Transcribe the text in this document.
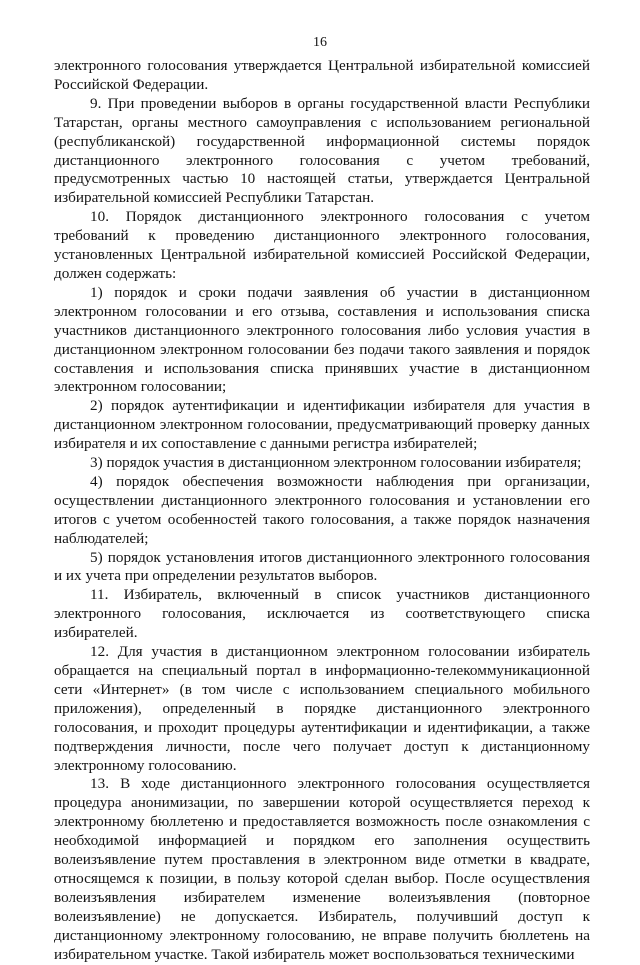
16

электронного голосования утверждается Центральной избирательной комиссией Российской Федерации.

9. При проведении выборов в органы государственной власти Республики Татарстан, органы местного самоуправления с использованием региональной (республиканской) государственной информационной системы порядок дистанционного электронного голосования с учетом требований, предусмотренных частью 10 настоящей статьи, утверждается Центральной избирательной комиссией Республики Татарстан.

10. Порядок дистанционного электронного голосования с учетом требований к проведению дистанционного электронного голосования, установленных Центральной избирательной комиссией Российской Федерации, должен содержать:

1) порядок и сроки подачи заявления об участии в дистанционном электронном голосовании и его отзыва, составления и использования списка участников дистанционного электронного голосования либо условия участия в дистанционном электронном голосовании без подачи такого заявления и порядок составления и использования списка принявших участие в дистанционном электронном голосовании;

2) порядок аутентификации и идентификации избирателя для участия в дистанционном электронном голосовании, предусматривающий проверку данных избирателя и их сопоставление с данными регистра избирателей;

3) порядок участия в дистанционном электронном голосовании избирателя;

4) порядок обеспечения возможности наблюдения при организации, осуществлении дистанционного электронного голосования и установлении его итогов с учетом особенностей такого голосования, а также порядок назначения наблюдателей;

5) порядок установления итогов дистанционного электронного голосования и их учета при определении результатов выборов.

11. Избиратель, включенный в список участников дистанционного электронного голосования, исключается из соответствующего списка избирателей.

12. Для участия в дистанционном электронном голосовании избиратель обращается на специальный портал в информационно-телекоммуникационной сети «Интернет» (в том числе с использованием специального мобильного приложения), определенный в порядке дистанционного электронного голосования, и проходит процедуры аутентификации и идентификации, а также подтверждения личности, после чего получает доступ к дистанционному электронному голосованию.

13. В ходе дистанционного электронного голосования осуществляется процедура анонимизации, по завершении которой осуществляется переход к электронному бюллетеню и предоставляется возможность после ознакомления с необходимой информацией и порядком его заполнения осуществить волеизъявление путем проставления в электронном виде отметки в квадрате, относящемся к позиции, в пользу которой сделан выбор. После осуществления волеизъявления избирателем изменение волеизъявления (повторное волеизъявление) не допускается. Избиратель, получивший доступ к дистанционному электронному голосованию, не вправе получить бюллетень на избирательном участке. Такой избиратель может воспользоваться техническими
